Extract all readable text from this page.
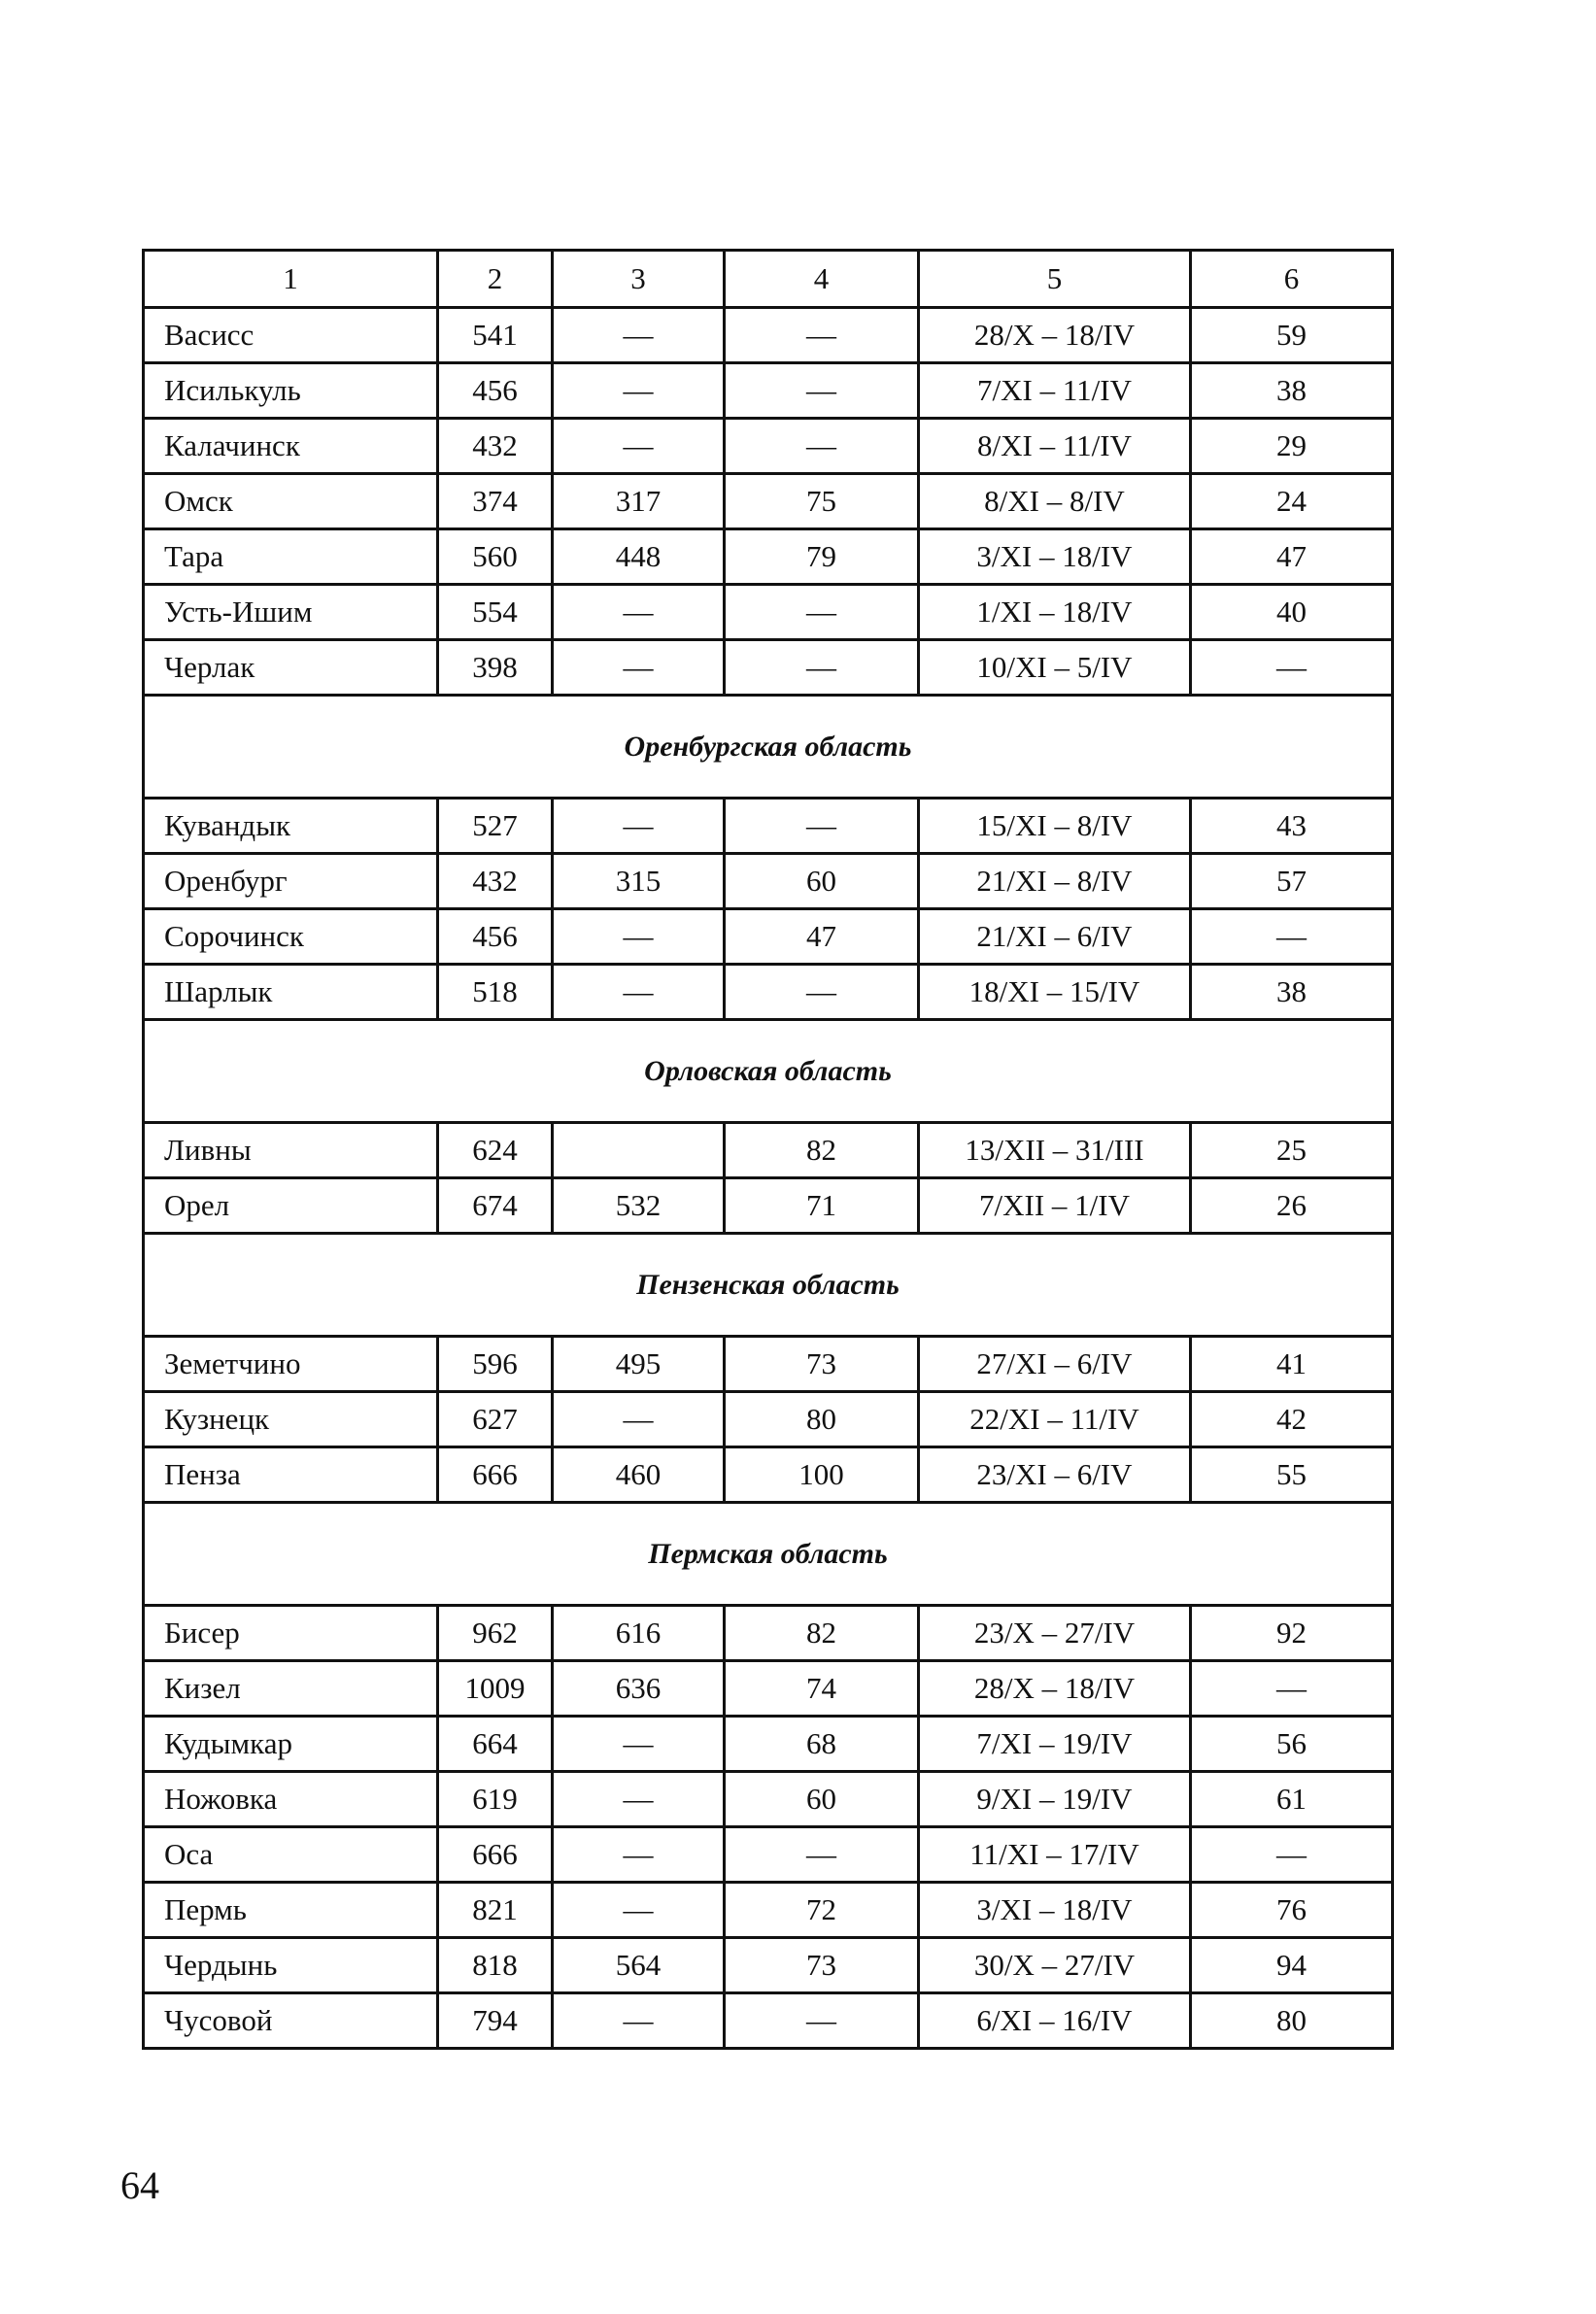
1	2	3	4	5	6
Васисс	541	—	—	28/X – 18/IV	59
Исилькуль	456	—	—	7/XI – 11/IV	38
Калачинск	432	—	—	8/XI – 11/IV	29
Омск	374	317	75	8/XI – 8/IV	24
Тара	560	448	79	3/XI – 18/IV	47
Усть-Ишим	554	—	—	1/XI – 18/IV	40
Черлак	398	—	—	10/XI – 5/IV	—
Оренбургская область					
Кувандык	527	—	—	15/XI – 8/IV	43
Оренбург	432	315	60	21/XI – 8/IV	57
Сорочинск	456	—	47	21/XI – 6/IV	—
Шарлык	518	—	—	18/XI – 15/IV	38
Орловская область					
Ливны	624		82	13/XII – 31/III	25
Орел	674	532	71	7/XII – 1/IV	26
Пензенская область					
Земетчино	596	495	73	27/XI – 6/IV	41
Кузнецк	627	—	80	22/XI – 11/IV	42
Пенза	666	460	100	23/XI – 6/IV	55
Пермская область					
Бисер	962	616	82	23/X – 27/IV	92
Кизел	1009	636	74	28/X – 18/IV	—
Кудымкар	664	—	68	7/XI – 19/IV	56
Ножовка	619	—	60	9/XI – 19/IV	61
Оса	666	—	—	11/XI – 17/IV	—
Пермь	821	—	72	3/XI – 18/IV	76
Чердынь	818	564	73	30/X – 27/IV	94
Чусовой	794	—	—	6/XI – 16/IV	80
64
